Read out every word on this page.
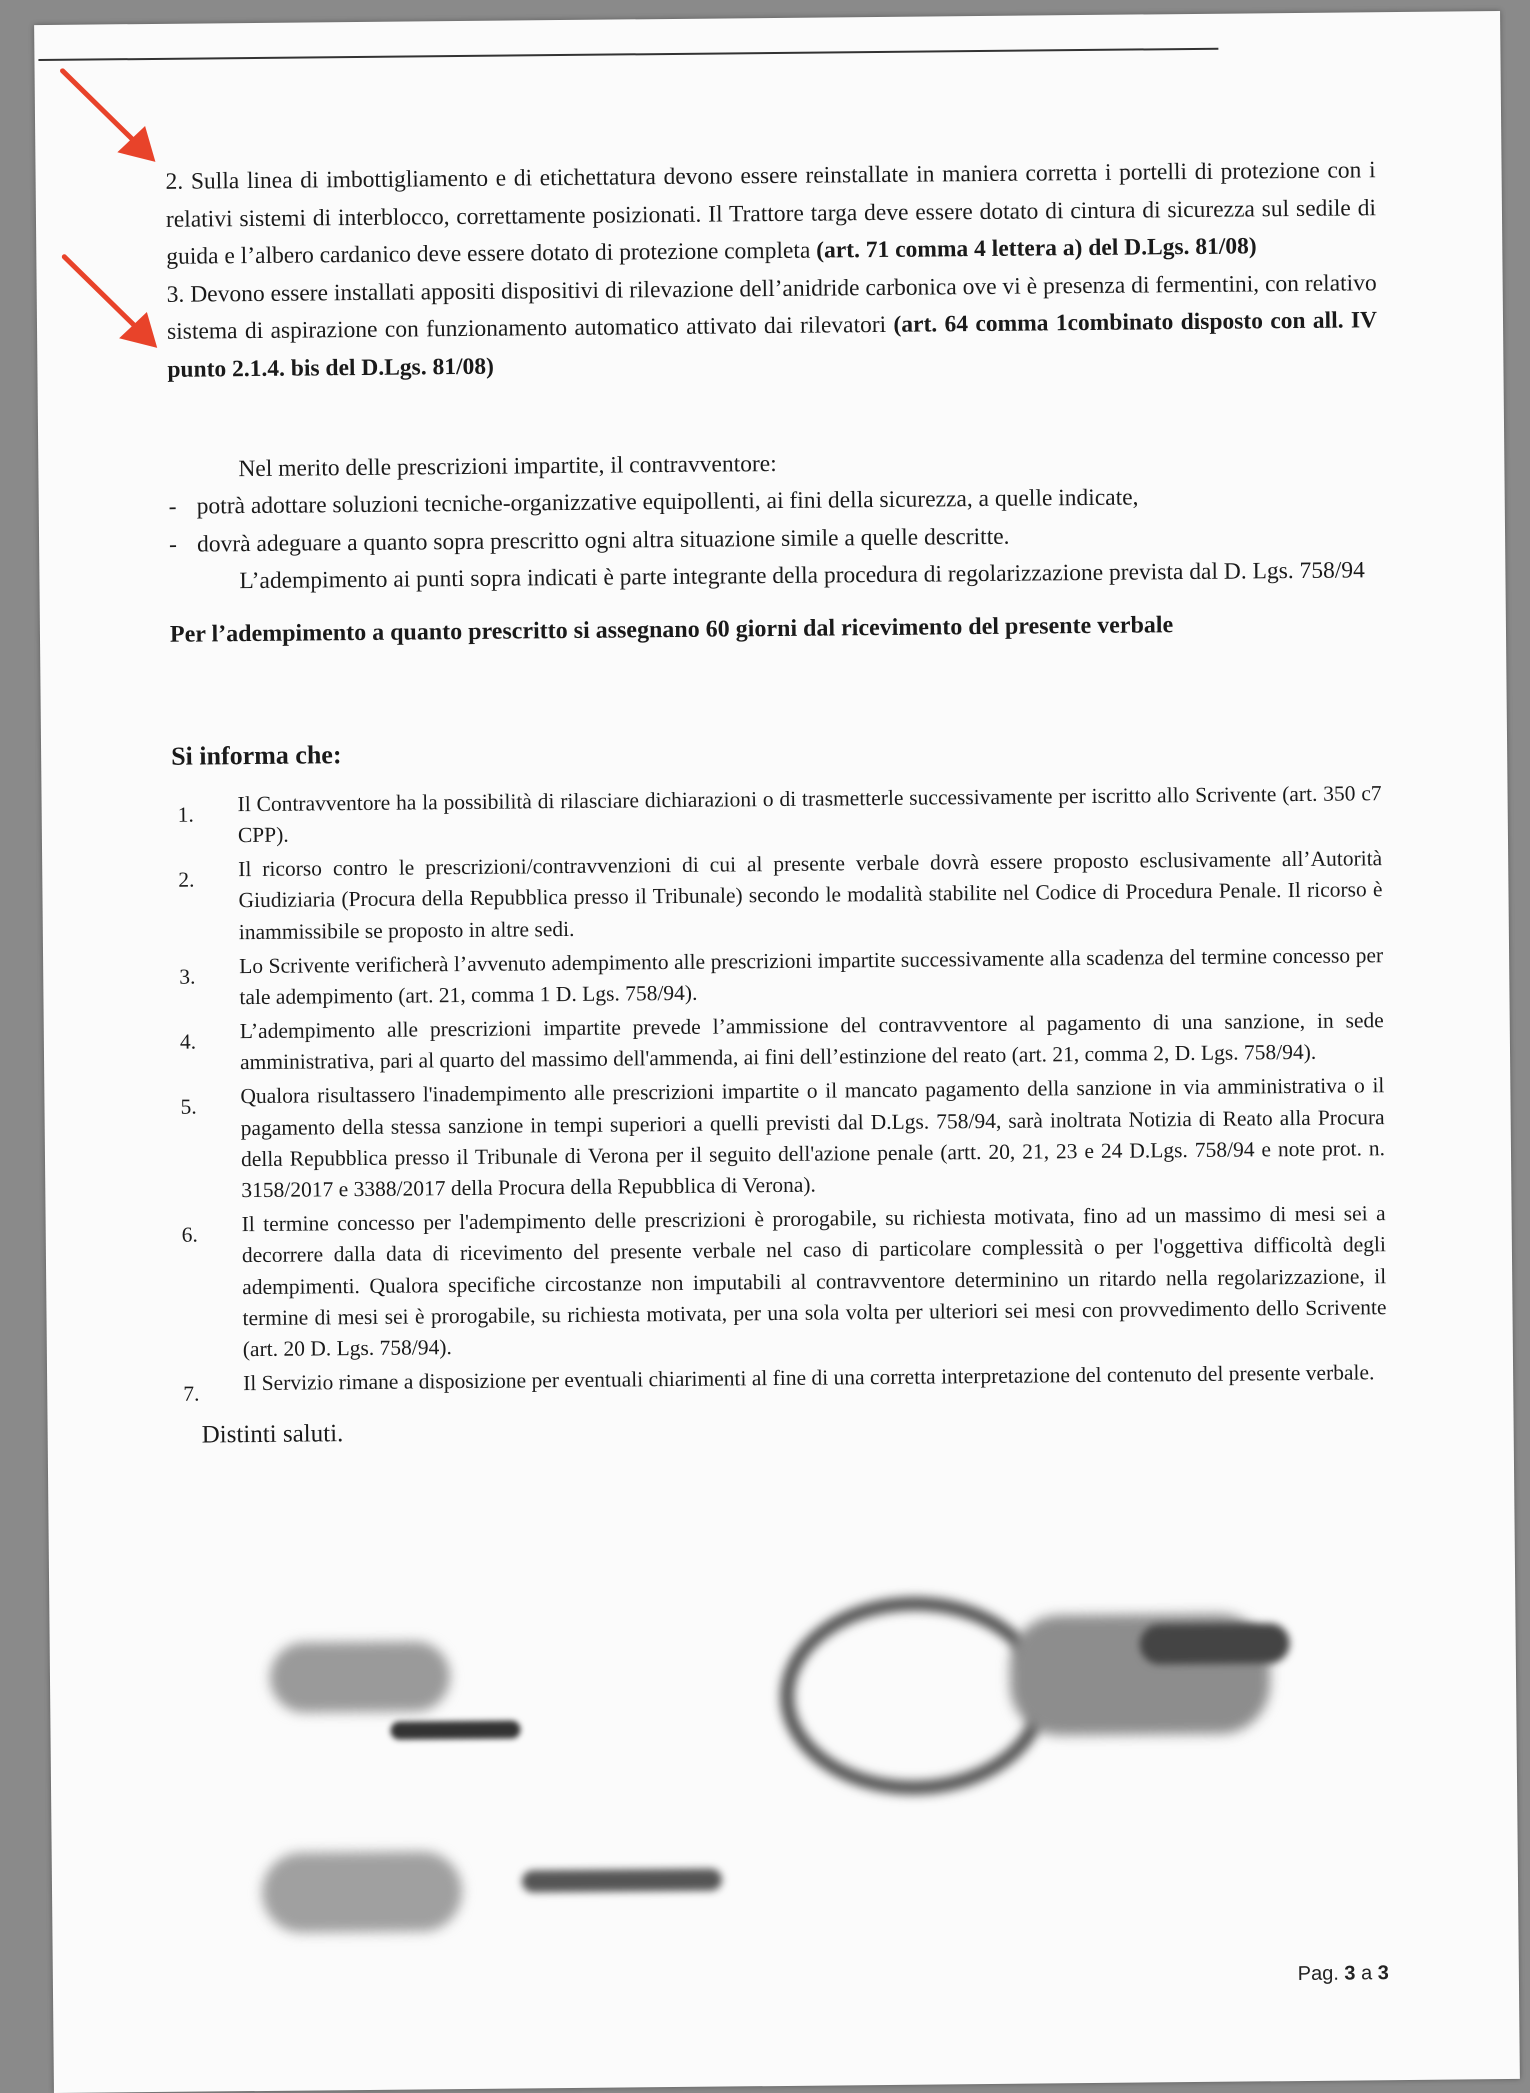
2. Sulla linea di imbottigliamento e di etichettatura devono essere reinstallate in maniera corretta i portelli di protezione con i relativi sistemi di interblocco, correttamente posizionati. Il Trattore targa deve essere dotato di cintura di sicurezza sul sedile di guida e l’albero cardanico deve essere dotato di protezione completa (art. 71 comma 4 lettera a) del D.Lgs. 81/08)

3. Devono essere installati appositi dispositivi di rilevazione dell’anidride carbonica ove vi è presenza di fermentini, con relativo sistema di aspirazione con funzionamento automatico attivato dai rilevatori (art. 64 comma 1combinato disposto con all. IV punto 2.1.4. bis del D.Lgs. 81/08)

Nel merito delle prescrizioni impartite, il contravventore:

- potrà adottare soluzioni tecniche-organizzative equipollenti, ai fini della sicurezza, a quelle indicate,
- dovrà adeguare a quanto sopra prescritto ogni altra situazione simile a quelle descritte.

L’adempimento ai punti sopra indicati è parte integrante della procedura di regolarizzazione prevista dal D. Lgs. 758/94

Per l’adempimento a quanto prescritto si assegnano 60 giorni dal ricevimento del presente verbale

Si informa che:

1.	Il Contravventore ha la possibilità di rilasciare dichiarazioni o di trasmetterle successivamente per iscritto allo Scrivente (art. 350 c7 CPP).
2.	Il ricorso contro le prescrizioni/contravvenzioni di cui al presente verbale dovrà essere proposto esclusivamente all’Autorità Giudiziaria (Procura della Repubblica presso il Tribunale) secondo le modalità stabilite nel Codice di Procedura Penale. Il ricorso è inammissibile se proposto in altre sedi.
3.	Lo Scrivente verificherà l’avvenuto adempimento alle prescrizioni impartite successivamente alla scadenza del termine concesso per tale adempimento (art. 21, comma 1 D. Lgs. 758/94).
4.	L’adempimento alle prescrizioni impartite prevede l’ammissione del contravventore al pagamento di una sanzione, in sede amministrativa, pari al quarto del massimo dell'ammenda, ai fini dell’estinzione del reato (art. 21, comma 2, D. Lgs. 758/94).
5.	Qualora risultassero l'inadempimento alle prescrizioni impartite o il mancato pagamento della sanzione in via amministrativa o il pagamento della stessa sanzione in tempi superiori a quelli previsti dal D.Lgs. 758/94, sarà inoltrata Notizia di Reato alla Procura della Repubblica presso il Tribunale di Verona per il seguito dell'azione penale (artt. 20, 21, 23 e 24 D.Lgs. 758/94 e note prot. n. 3158/2017 e 3388/2017 della Procura della Repubblica di Verona).
6.	Il termine concesso per l'adempimento delle prescrizioni è prorogabile, su richiesta motivata, fino ad un massimo di mesi sei a decorrere dalla data di ricevimento del presente verbale nel caso di particolare complessità o per l'oggettiva difficoltà degli adempimenti. Qualora specifiche circostanze non imputabili al contravventore determinino un ritardo nella regolarizzazione, il termine di mesi sei è prorogabile, su richiesta motivata, per una sola volta per ulteriori sei mesi con provvedimento dello Scrivente (art. 20 D. Lgs. 758/94).
7.	Il Servizio rimane a disposizione per eventuali chiarimenti al fine di una corretta interpretazione del contenuto del presente verbale.

Distinti saluti.

Pag. 3 a 3
